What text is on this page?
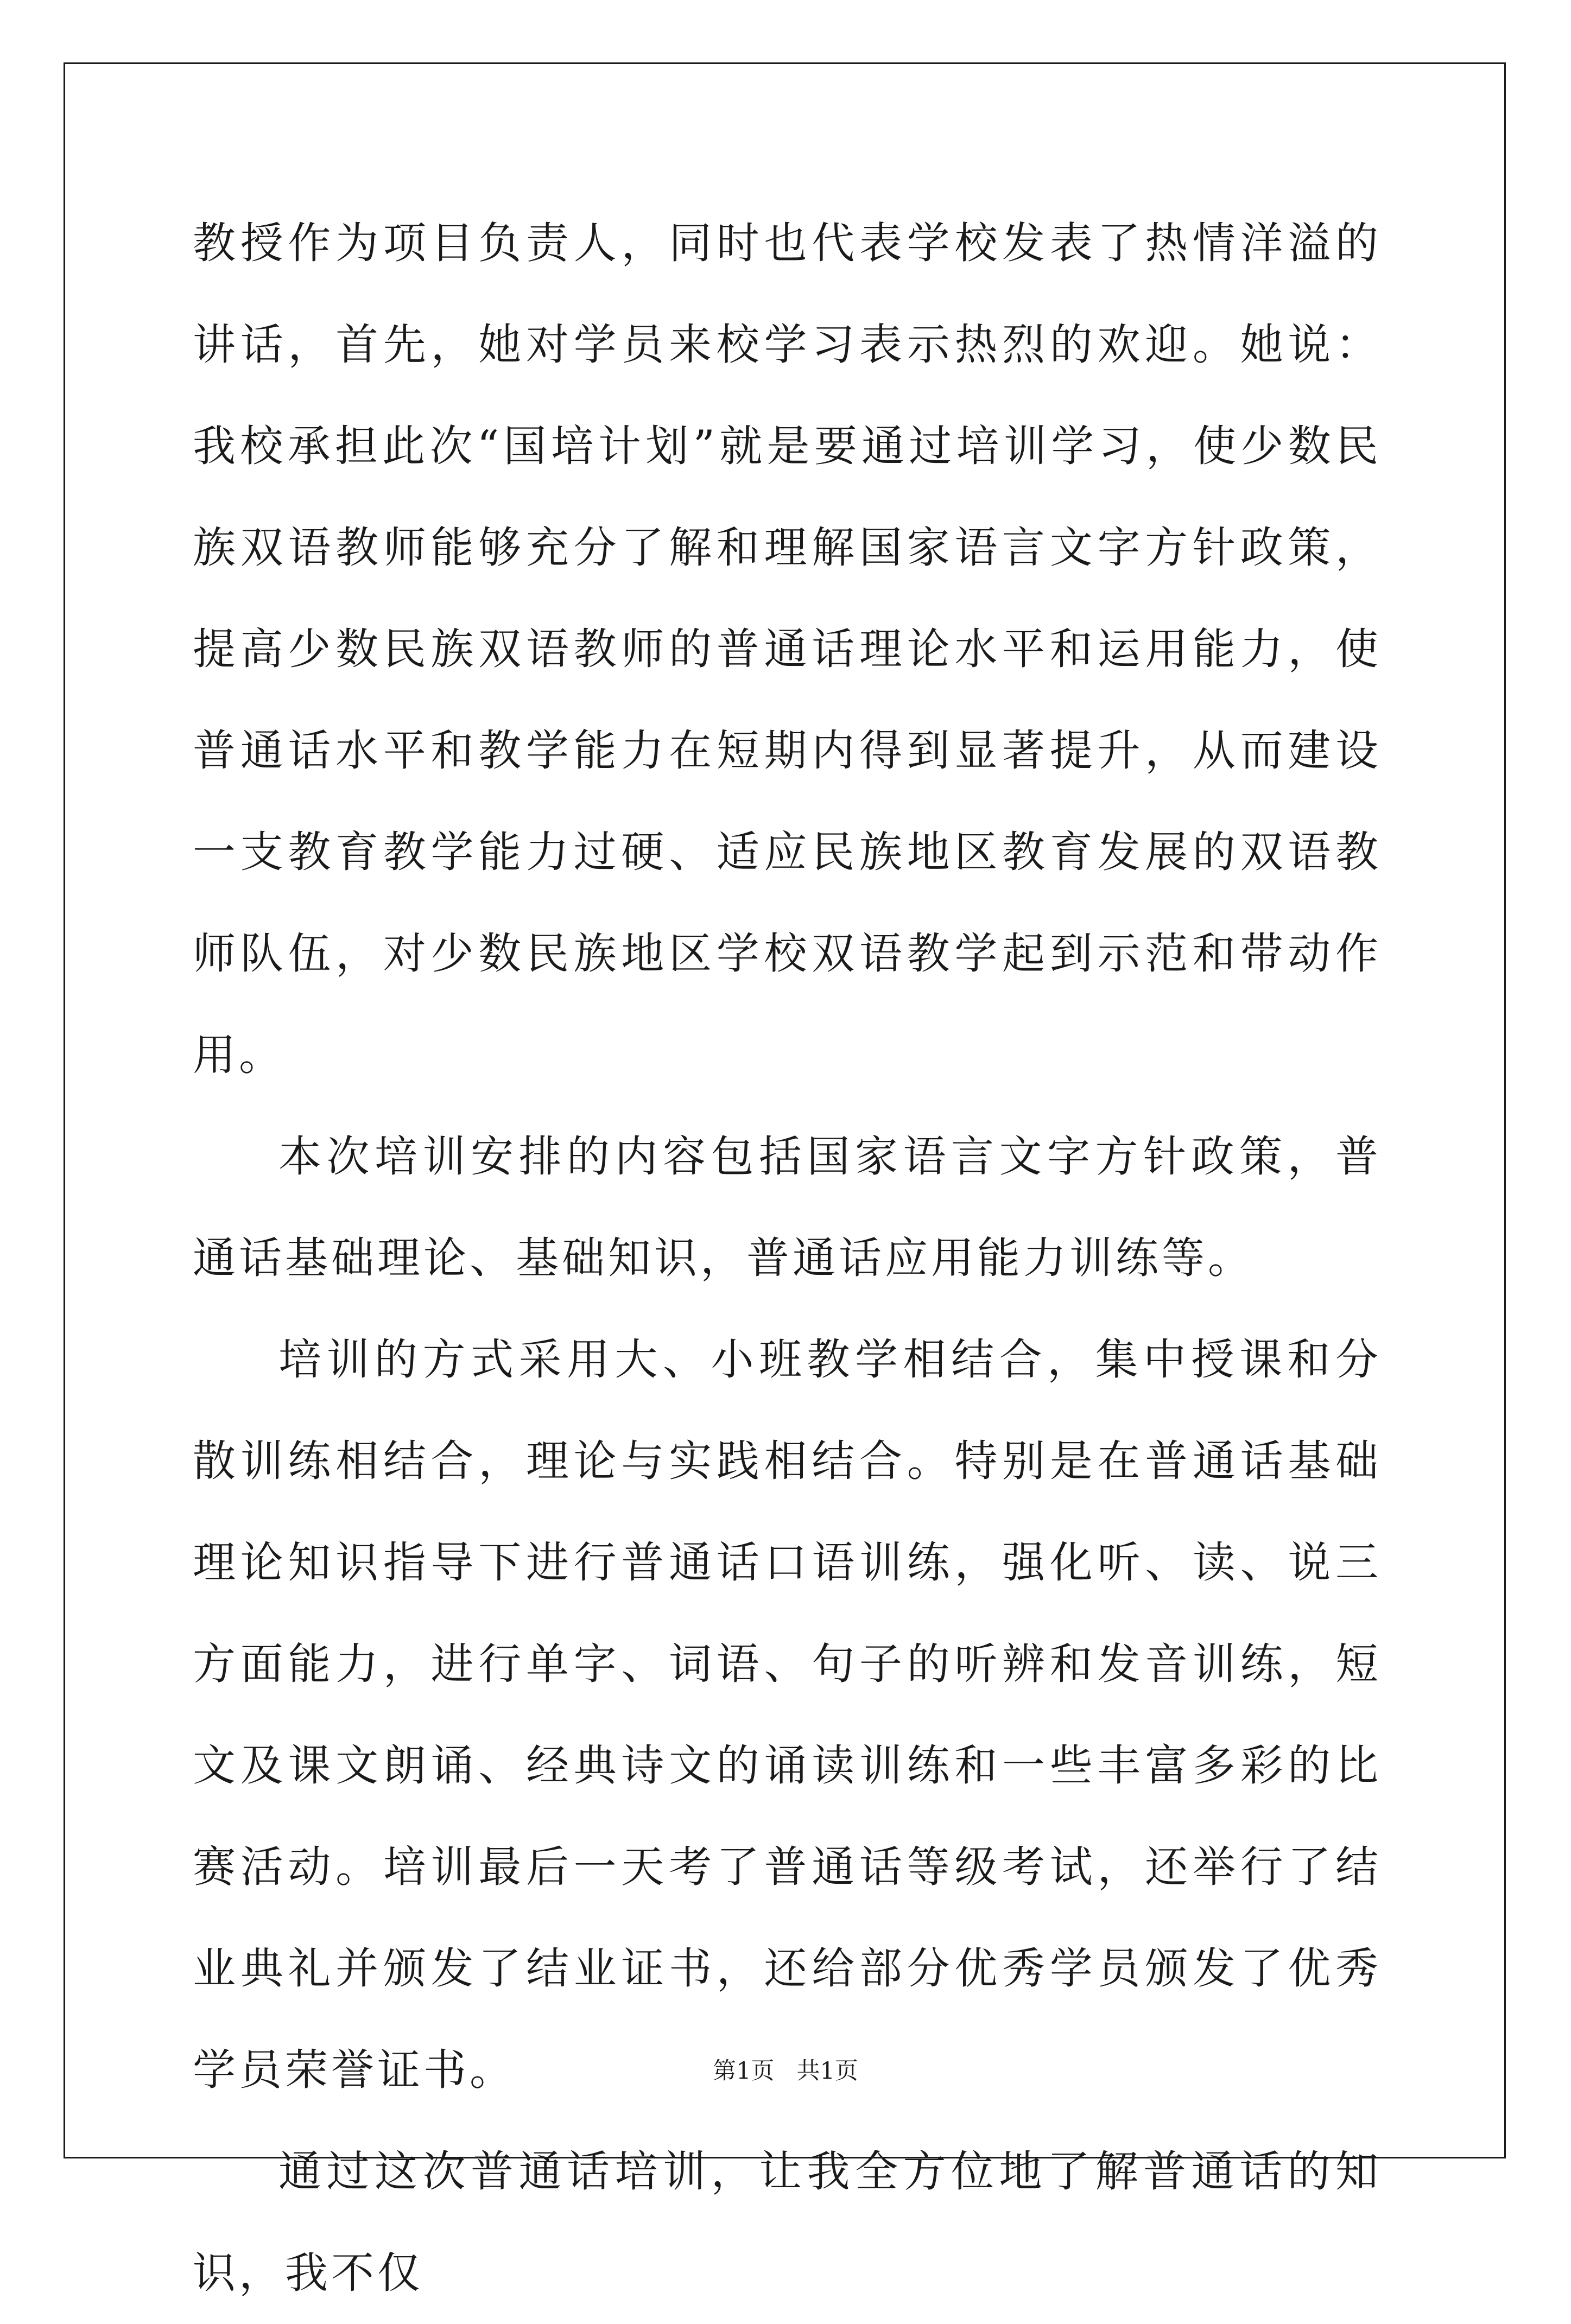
教授作为项目负责人，同时也代表学校发表了热情洋溢的讲话，首先，她对学员来校学习表示热烈的欢迎。她说：我校承担此次“国培计划”就是要通过培训学习，使少数民族双语教师能够充分了解和理解国家语言文字方针政策，提高少数民族双语教师的普通话理论水平和运用能力，使普通话水平和教学能力在短期内得到显著提升，从而建设一支教育教学能力过硬、适应民族地区教育发展的双语教师队伍，对少数民族地区学校双语教学起到示范和带动作用。

本次培训安排的内容包括国家语言文字方针政策，普通话基础理论、基础知识，普通话应用能力训练等。

培训的方式采用大、小班教学相结合，集中授课和分散训练相结合，理论与实践相结合。特别是在普通话基础理论知识指导下进行普通话口语训练，强化听、读、说三方面能力，进行单字、词语、句子的听辨和发音训练，短文及课文朗诵、经典诗文的诵读训练和一些丰富多彩的比赛活动。培训最后一天考了普通话等级考试，还举行了结业典礼并颁发了结业证书，还给部分优秀学员颁发了优秀学员荣誉证书。

通过这次普通话培训，让我全方位地了解普通话的知识，我不仅

第1页 共1页
